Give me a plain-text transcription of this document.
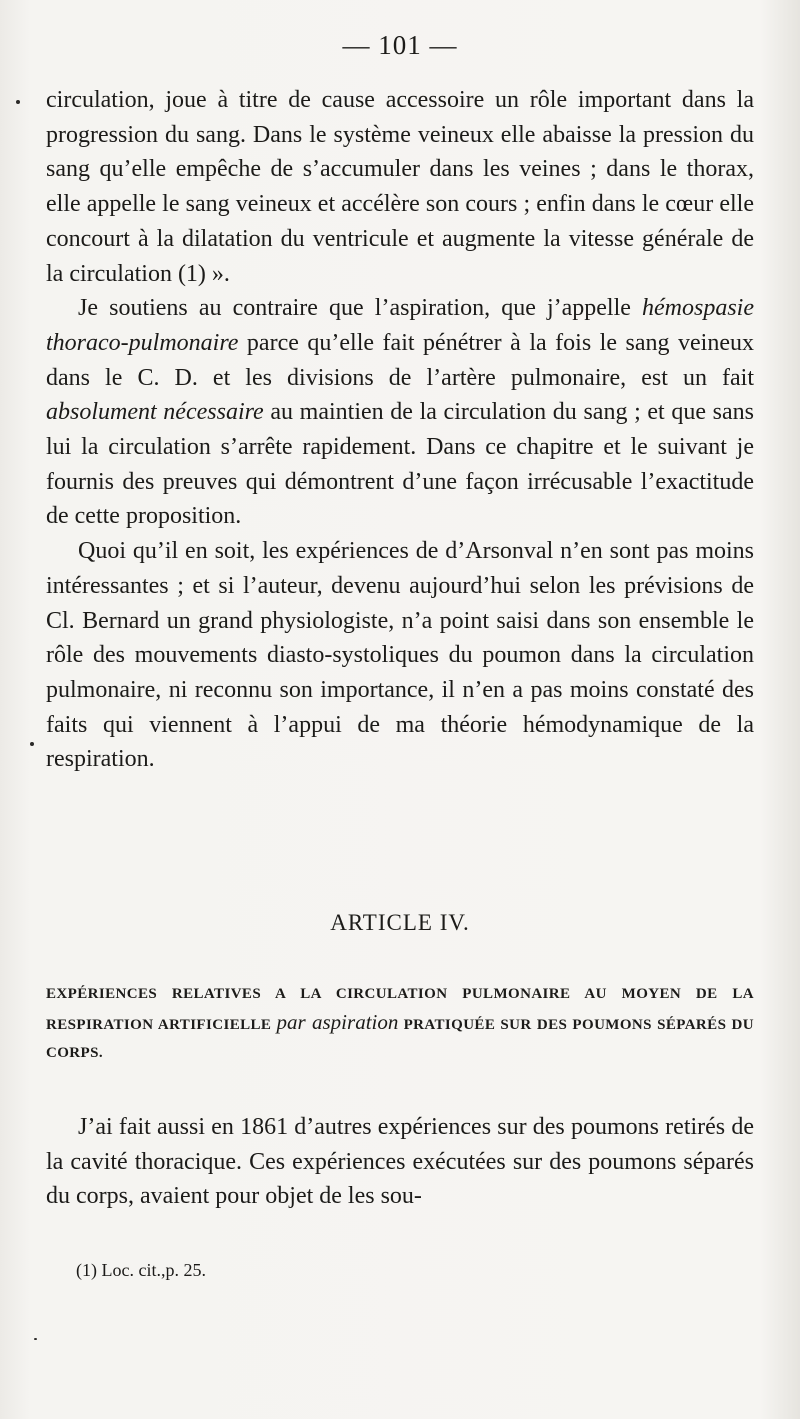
— 101 —

circulation, joue à titre de cause accessoire un rôle important dans la progression du sang. Dans le système veineux elle abaisse la pression du sang qu’elle empêche de s’accumuler dans les veines ; dans le thorax, elle appelle le sang veineux et accélère son cours ; enfin dans le cœur elle concourt à la dilatation du ventricule et augmente la vitesse générale de la circulation (1) ».

Je soutiens au contraire que l’aspiration, que j’appelle hémospasie thoraco-pulmonaire parce qu’elle fait pénétrer à la fois le sang veineux dans le C. D. et les divisions de l’artère pulmonaire, est un fait absolument nécessaire au maintien de la circulation du sang ; et que sans lui la circulation s’arrête rapidement. Dans ce chapitre et le suivant je fournis des preuves qui démontrent d’une façon irrécusable l’exactitude de cette proposition.

Quoi qu’il en soit, les expériences de d’Arsonval n’en sont pas moins intéressantes ; et si l’auteur, devenu aujourd’hui selon les prévisions de Cl. Bernard un grand physiologiste, n’a point saisi dans son ensemble le rôle des mouvements diasto-systoliques du poumon dans la circulation pulmonaire, ni reconnu son importance, il n’en a pas moins constaté des faits qui viennent à l’appui de ma théorie hémodynamique de la respiration.

ARTICLE IV.
EXPÉRIENCES RELATIVES A LA CIRCULATION PULMONAIRE AU MOYEN DE LA RESPIRATION ARTIFICIELLE par aspiration PRATIQUÉE SUR DES POUMONS SÉPARÉS DU CORPS.

J’ai fait aussi en 1861 d’autres expériences sur des poumons retirés de la cavité thoracique. Ces expériences exécutées sur des poumons séparés du corps, avaient pour objet de les sou-

(1) Loc. cit.,p. 25.
